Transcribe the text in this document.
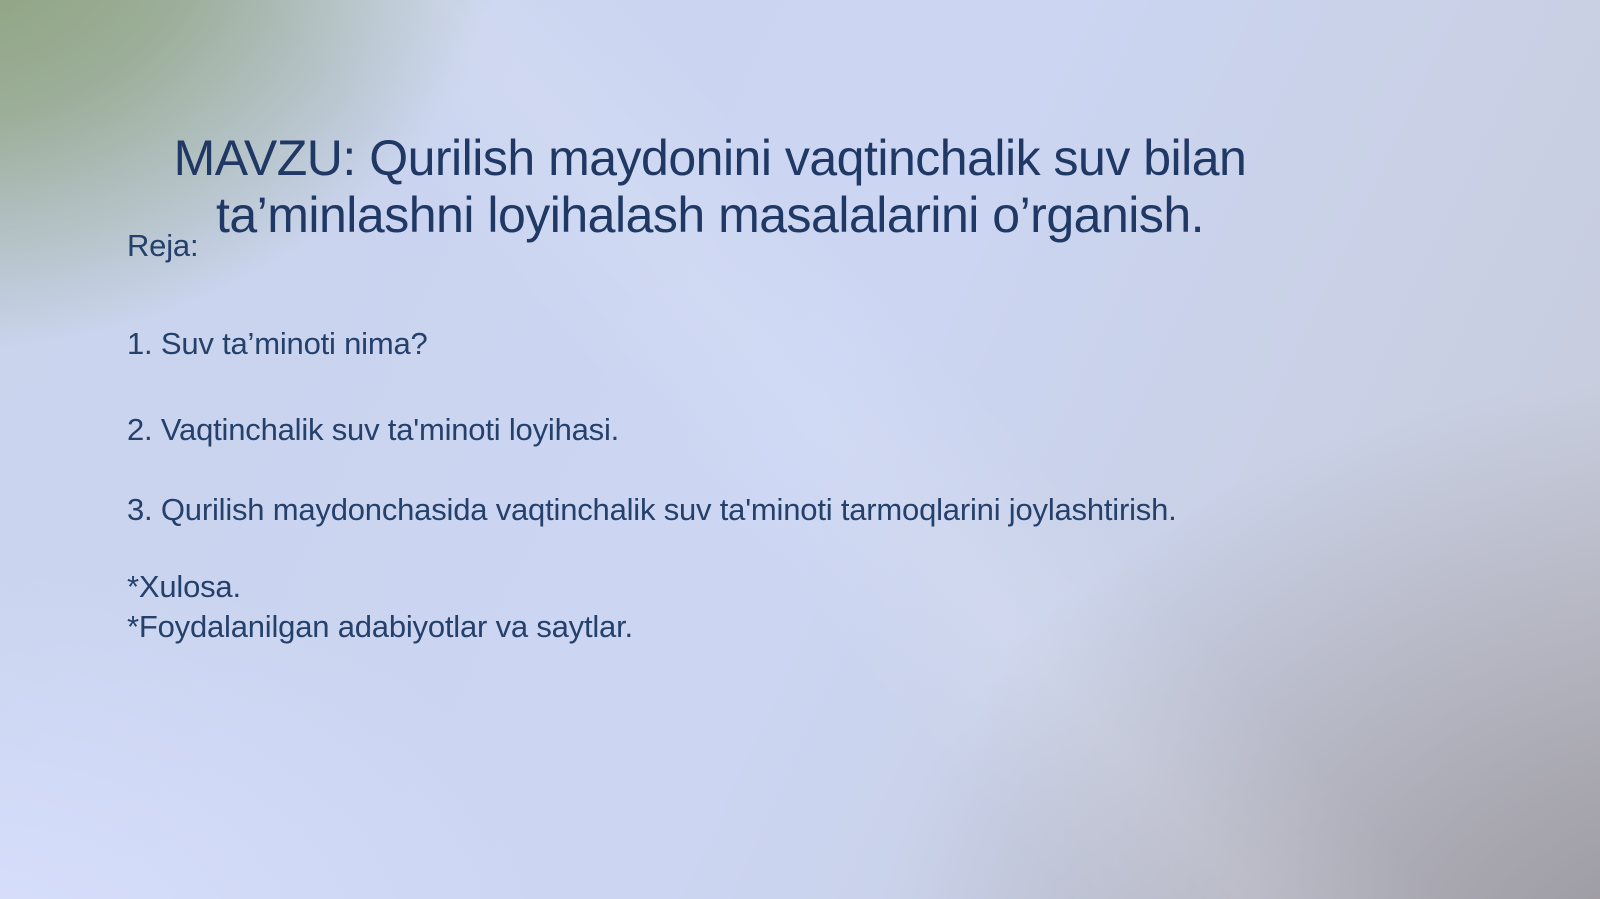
MAVZU: Qurilish maydonini vaqtinchalik suv bilan
ta’minlashni loyihalash masalalarini o’rganish.

Reja:

1. Suv ta’minoti nima?

2. Vaqtinchalik suv ta'minoti loyihasi.

3. Qurilish maydonchasida vaqtinchalik suv ta'minoti tarmoqlarini joylashtirish.

*Xulosa.

*Foydalanilgan adabiyotlar va saytlar.
